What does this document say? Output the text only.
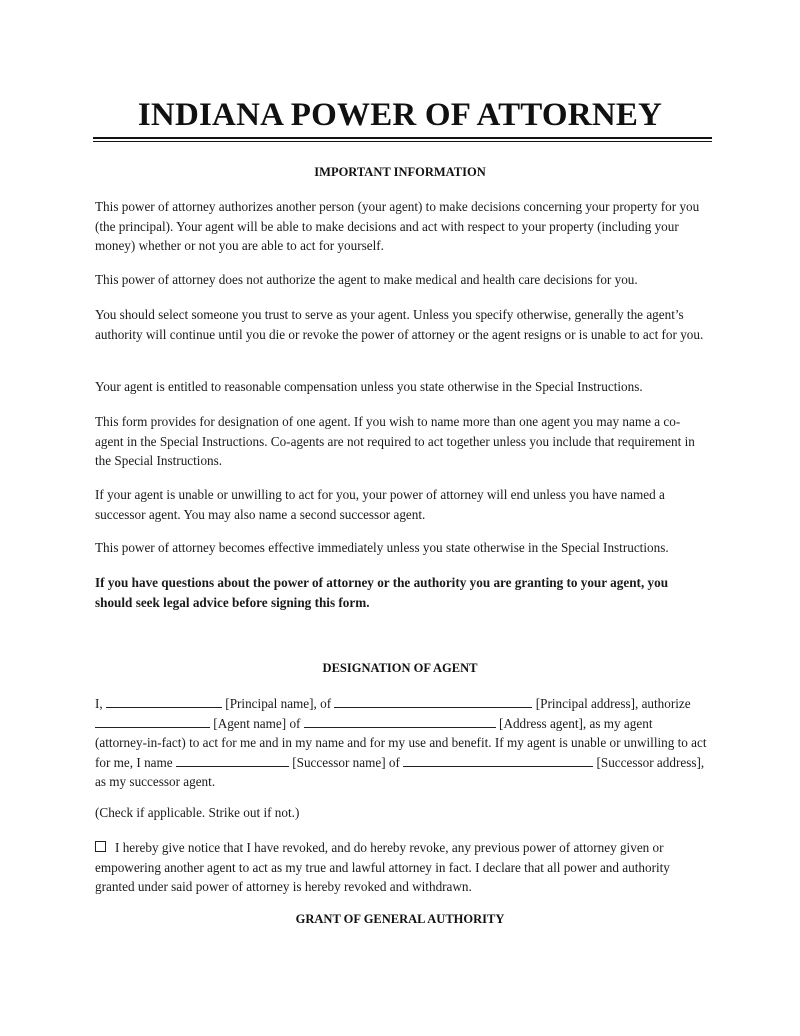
INDIANA POWER OF ATTORNEY
IMPORTANT INFORMATION

This power of attorney authorizes another person (your agent) to make decisions concerning your property for you (the principal). Your agent will be able to make decisions and act with respect to your property (including your money) whether or not you are able to act for yourself.

This power of attorney does not authorize the agent to make medical and health care decisions for you.

You should select someone you trust to serve as your agent. Unless you specify otherwise, generally the agent’s authority will continue until you die or revoke the power of attorney or the agent resigns or is unable to act for you.

Your agent is entitled to reasonable compensation unless you state otherwise in the Special Instructions.

This form provides for designation of one agent. If you wish to name more than one agent you may name a co-agent in the Special Instructions. Co-agents are not required to act together unless you include that requirement in the Special Instructions.

If your agent is unable or unwilling to act for you, your power of attorney will end unless you have named a successor agent. You may also name a second successor agent.

This power of attorney becomes effective immediately unless you state otherwise in the Special Instructions.

If you have questions about the power of attorney or the authority you are granting to your agent, you should seek legal advice before signing this form.

DESIGNATION OF AGENT

I,	[Principal name], of	[Principal address], authorize  [Agent name] of	[Address agent], as my agent (attorney-in-fact) to act for me and in my name and for my use and benefit. If my agent is unable or unwilling to act for me, I name	[Successor name] of	[Successor address], as my successor agent.

(Check if applicable. Strike out if not.)

I hereby give notice that I have revoked, and do hereby revoke, any previous power of attorney given or empowering another agent to act as my true and lawful attorney in fact. I declare that all power and authority granted under said power of attorney is hereby revoked and withdrawn.

GRANT OF GENERAL AUTHORITY
